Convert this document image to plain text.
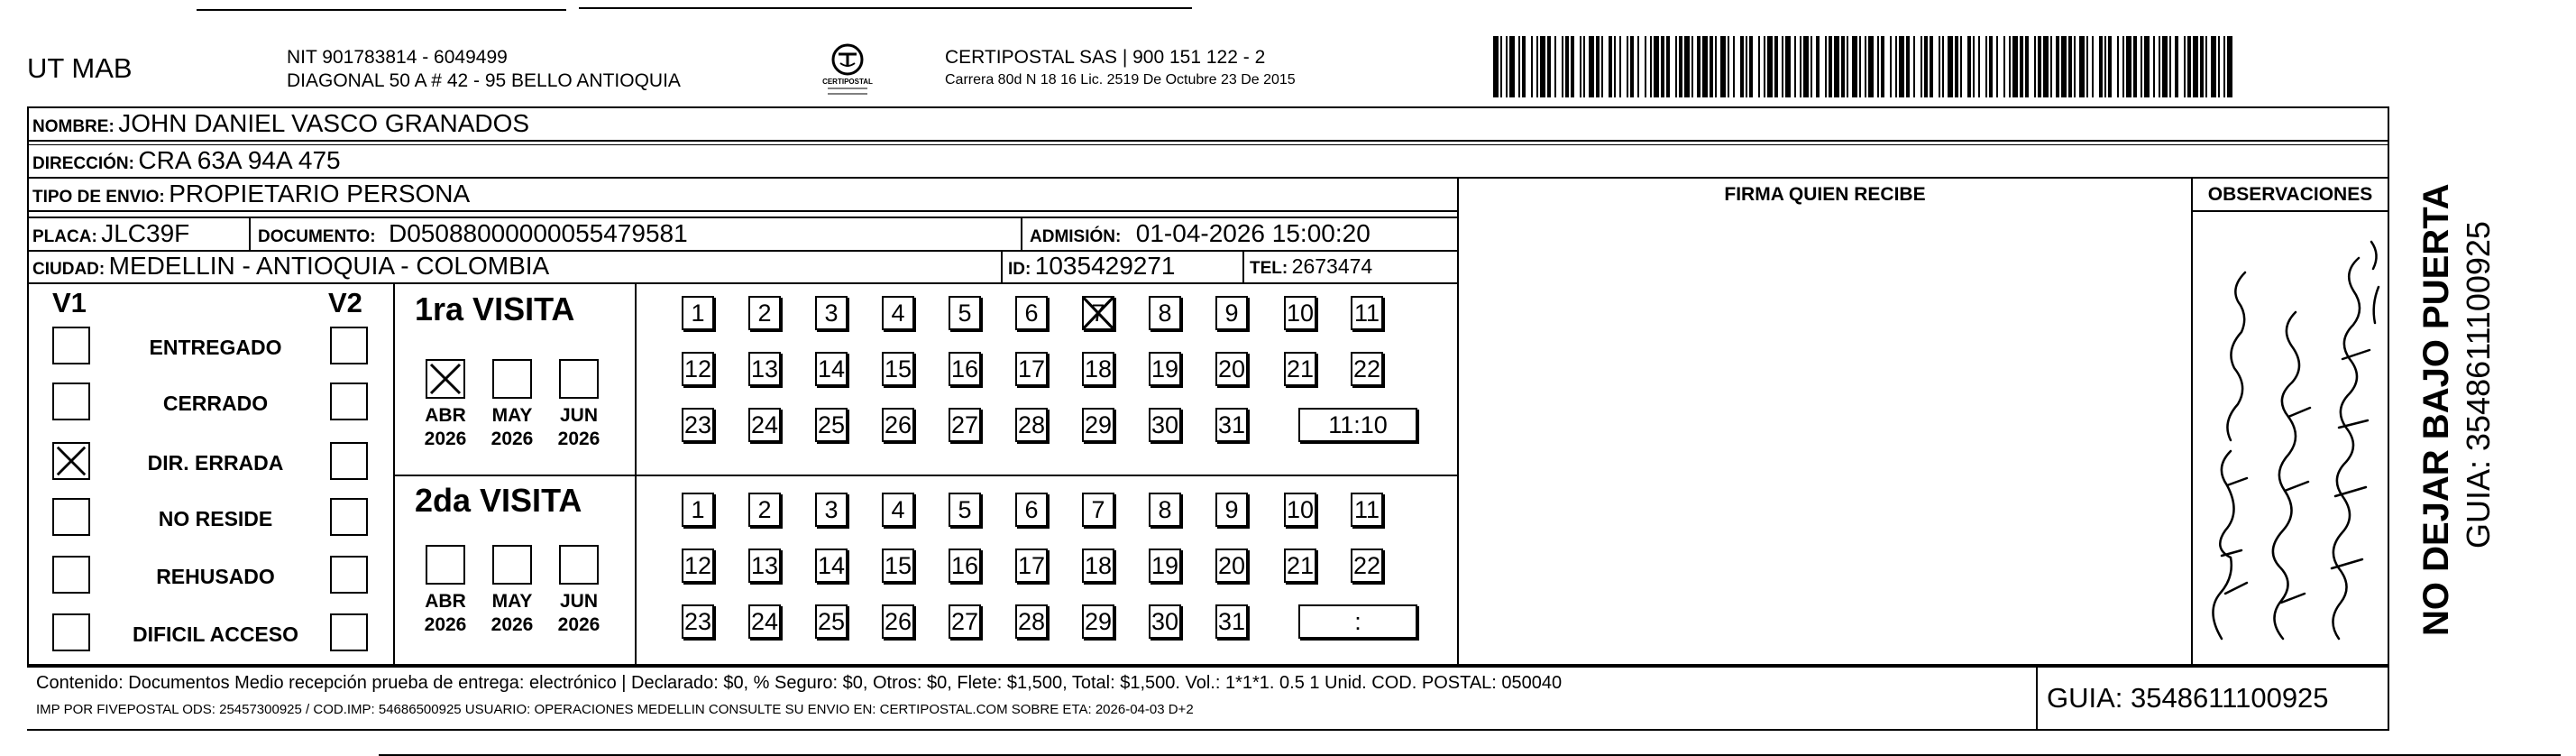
UT MAB	NIT 901783814 - 6049499
DIAGONAL 50 A # 42 - 95 BELLO ANTIOQUIA	CERTIPOSTAL
CERTIPOSTAL SAS | 900 151 122 - 2
Carrera 80d N 18 16 Lic. 2519 De Octubre 23 De 2015
NOMBRE: JOHN DANIEL VASCO GRANADOS
DIRECCIÓN: CRA 63A 94A 475
TIPO DE ENVIO: PROPIETARIO PERSONA
PLACA: JLC39F	DOCUMENTO: D05088000000055479581	ADMISIÓN: 01-04-2026 15:00:20
CIUDAD: MEDELLIN - ANTIOQUIA - COLOMBIA	ID: 1035429271	TEL: 2673474
FIRMA QUIEN RECIBE	OBSERVACIONES
V1	V2
ENTREGADO
CERRADO
DIR. ERRADA
NO RESIDE
REHUSADO
DIFICIL ACCESO
1ra VISITA
ABR
2026
MAY
2026
JUN
2026
1	2	3	4	5	6	7	8	9	10 11
12 13 14 15 16 17 18 19 20 21 22
23 24 25 26 27 28 29 30 31	11:10
2da VISITA
ABR
2026
MAY
2026
JUN
2026
1	2	3	4	5	6	7	8	9	10 11
12 13 14 15 16 17 18 19 20 21 22
23 24 25 26 27 28 29 30 31	:	NO DEJAR BAJO PUERTA GUIA: 3548611100925
Contenido: Documentos Medio recepción prueba de entrega: electrónico | Declarado: $0, % Seguro: $0, Otros: $0, Flete: $1,500, Total: $1,500. Vol.: 1*1*1. 0.5 1 Unid. COD. POSTAL: 050040
IMP POR FIVEPOSTAL ODS: 25457300925 / COD.IMP: 54686500925 USUARIO: OPERACIONES MEDELLIN CONSULTE SU ENVIO EN: CERTIPOSTAL.COM SOBRE ETA: 2026-04-03 D+2	GUIA: 3548611100925
